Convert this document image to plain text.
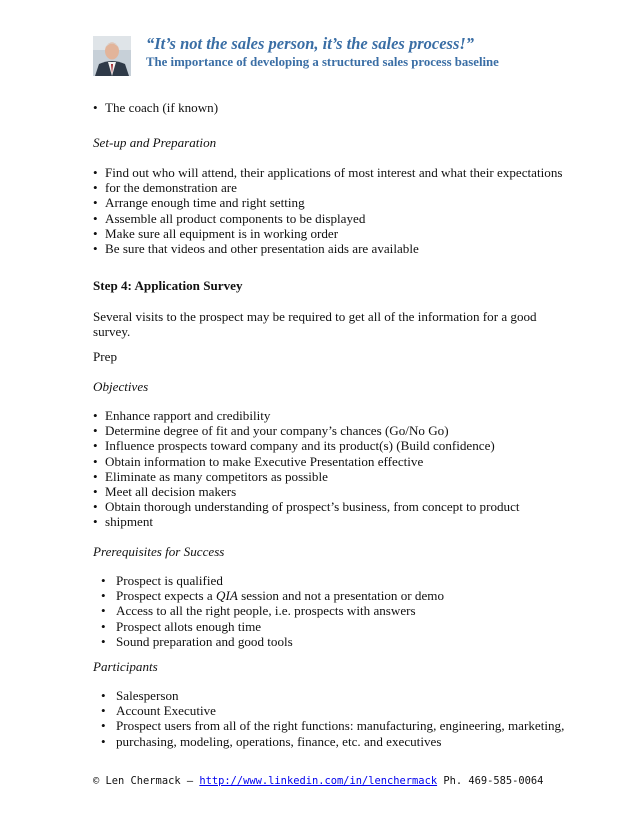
“It’s not the sales person, it’s the sales process!”
The importance of developing a structured sales process baseline
• The coach (if known)
Set-up and Preparation
• Find out who will attend, their applications of most interest and what their expectations
• for the demonstration are
• Arrange enough time and right setting
• Assemble all product components to be displayed
• Make sure all equipment is in working order
• Be sure that videos and other presentation aids are available
Step 4: Application Survey
Several visits to the prospect may be required to get all of the information for a good
survey.
Prep
Objectives
• Enhance rapport and credibility
• Determine degree of fit and your company’s chances (Go/No Go)
• Influence prospects toward company and its product(s) (Build confidence)
• Obtain information to make Executive Presentation effective
• Eliminate as many competitors as possible
• Meet all decision makers
• Obtain thorough understanding of prospect’s business, from concept to product
• shipment
Prerequisites for Success
• Prospect is qualified
• Prospect expects a QIA session and not a presentation or demo
• Access to all the right people, i.e. prospects with answers
• Prospect allots enough time
• Sound preparation and good tools
Participants
• Salesperson
• Account Executive
• Prospect users from all of the right functions: manufacturing, engineering, marketing,
• purchasing, modeling, operations, finance, etc. and executives
© Len Chermack – http://www.linkedin.com/in/lenchermack Ph. 469-585-0064
